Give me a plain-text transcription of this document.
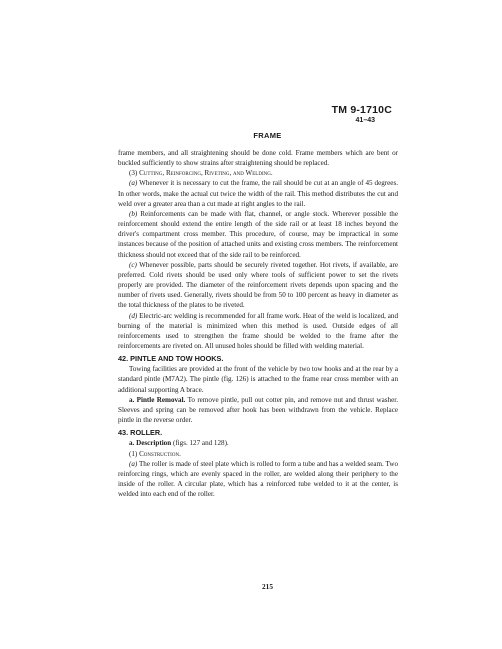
TM 9-1710C
41–43
FRAME

frame members, and all straightening should be done cold. Frame members which are bent or buckled sufficiently to show strains after straightening should be replaced.

(3) Cutting, Reinforcing, Riveting, and Welding.

(a) Whenever it is necessary to cut the frame, the rail should be cut at an angle of 45 degrees. In other words, make the actual cut twice the width of the rail. This method distributes the cut and weld over a greater area than a cut made at right angles to the rail.

(b) Reinforcements can be made with flat, channel, or angle stock. Wherever possible the reinforcement should extend the entire length of the side rail or at least 18 inches beyond the driver's compartment cross member. This procedure, of course, may be impractical in some instances because of the position of attached units and existing cross members. The reinforcement thickness should not exceed that of the side rail to be reinforced.

(c) Whenever possible, parts should be securely riveted together. Hot rivets, if available, are preferred. Cold rivets should be used only where tools of sufficient power to set the rivets properly are provided. The diameter of the reinforcement rivets depends upon spacing and the number of rivets used. Generally, rivets should be from 50 to 100 percent as heavy in diameter as the total thickness of the plates to be riveted.

(d) Electric-arc welding is recommended for all frame work. Heat of the weld is localized, and burning of the material is minimized when this method is used. Outside edges of all reinforcements used to strengthen the frame should be welded to the frame after the reinforcements are riveted on. All unused holes should be filled with welding material.

42. PINTLE AND TOW HOOKS.

Towing facilities are provided at the front of the vehicle by two tow hooks and at the rear by a standard pintle (M7A2). The pintle (fig. 126) is attached to the frame rear cross member with an additional supporting A brace.

a. Pintle Removal. To remove pintle, pull out cotter pin, and remove nut and thrust washer. Sleeves and spring can be removed after hook has been withdrawn from the vehicle. Replace pintle in the reverse order.

43. ROLLER.

a. Description (figs. 127 and 128).

(1) Construction.

(a) The roller is made of steel plate which is rolled to form a tube and has a welded seam. Two reinforcing rings, which are evenly spaced in the roller, are welded along their periphery to the inside of the roller. A circular plate, which has a reinforced tube welded to it at the center, is welded into each end of the roller.

215
